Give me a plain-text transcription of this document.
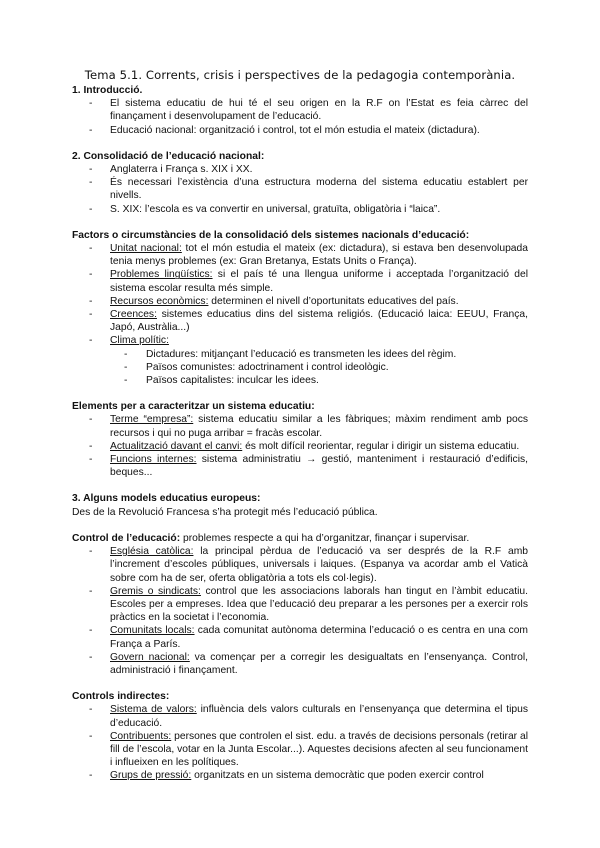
Tema 5.1. Corrents, crisis i perspectives de la pedagogia contemporània.

1. Introducció.

- El sistema educatiu de hui té el seu origen en la R.F on l’Estat es feia càrrec del finançament i desenvolupament de l’educació.
- Educació nacional: organització i control, tot el món estudia el mateix (dictadura).

2. Consolidació de l’educació nacional:

- Anglaterra i França s. XIX i XX.
- És necessari l’existència d’una estructura moderna del sistema educatiu establert per nivells.
- S. XIX: l’escola es va convertir en universal, gratuïta, obligatòria i “laica”.

Factors o circumstàncies de la consolidació dels sistemes nacionals d’educació:

- Unitat nacional: tot el món estudia el mateix (ex: dictadura), si estava ben desenvolupada tenia menys problemes (ex: Gran Bretanya, Estats Units o França).
- Problemes lingüístics: si el país té una llengua uniforme i acceptada l’organització del sistema escolar resulta més simple.
- Recursos econòmics: determinen el nivell d’oportunitats educatives del país.
- Creences: sistemes educatius dins del sistema religiós. (Educació laica: EEUU, França, Japó, Austràlia...)
- Clima polític:
- Dictadures: mitjançant l’educació es transmeten les idees del règim.
- Països comunistes: adoctrinament i control ideològic.
- Països capitalistes: inculcar les idees.

Elements per a caracteritzar un sistema educatiu:

- Terme “empresa”: sistema educatiu similar a les fàbriques; màxim rendiment amb pocs recursos i qui no puga arribar = fracàs escolar.
- Actualització davant el canvi: és molt difícil reorientar, regular i dirigir un sistema educatiu.
- Funcions internes: sistema administratiu → gestió, manteniment i restauració d’edificis, beques...

3. Alguns models educatius europeus:

Des de la Revolució Francesa s’ha protegit més l’educació pública.

Control de l’educació: problemes respecte a qui ha d’organitzar, finançar i supervisar.

- Església catòlica: la principal pèrdua de l’educació va ser després de la R.F amb l’increment d’escoles públiques, universals i laiques. (Espanya va acordar amb el Vaticà sobre com ha de ser, oferta obligatòria a tots els col·legis).
- Gremis o sindicats: control que les associacions laborals han tingut en l’àmbit educatiu. Escoles per a empreses. Idea que l’educació deu preparar a les persones per a exercir rols pràctics en la societat i l’economia.
- Comunitats locals: cada comunitat autònoma determina l’educació o es centra en una com França a París.
- Govern nacional: va començar per a corregir les desigualtats en l’ensenyança. Control, administració i finançament.

Controls indirectes:

- Sistema de valors: influència dels valors culturals en l’ensenyança que determina el tipus d’educació.
- Contribuents: persones que controlen el sist. edu. a través de decisions personals (retirar al fill de l’escola, votar en la Junta Escolar...). Aquestes decisions afecten al seu funcionament i influeixen en les polítiques.
- Grups de pressió: organitzats en un sistema democràtic que poden exercir control
